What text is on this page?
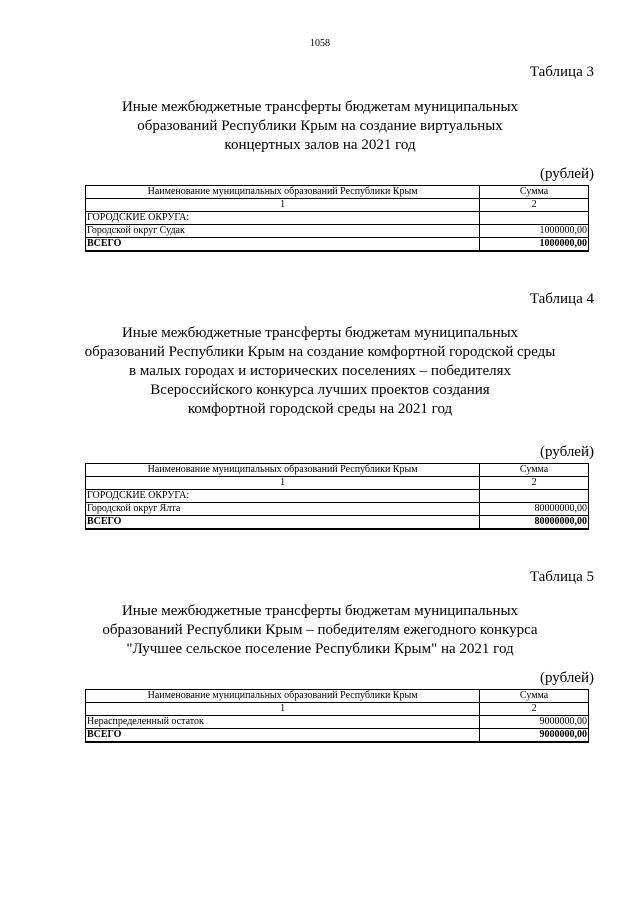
1058
Таблица 3
Иные межбюджетные трансферты бюджетам муниципальных
образований Республики Крым на создание виртуальных
концертных залов на 2021 год
(рублей)
Наименование муниципальных образований Республики Крым	Сумма
1	2
ГОРОДСКИЕ ОКРУГА:	
Городской округ Судак	1000000,00
ВСЕГО	1000000,00
Таблица 4
Иные межбюджетные трансферты бюджетам муниципальных
образований Республики Крым на создание комфортной городской среды
в малых городах и исторических поселениях – победителях
Всероссийского конкурса лучших проектов создания
комфортной городской среды на 2021 год
(рублей)
Наименование муниципальных образований Республики Крым	Сумма
1	2
ГОРОДСКИЕ ОКРУГА:	
Городской округ Ялта	80000000,00
ВСЕГО	80000000,00
Таблица 5
Иные межбюджетные трансферты бюджетам муниципальных
образований Республики Крым – победителям ежегодного конкурса
"Лучшее сельское поселение Республики Крым" на 2021 год
(рублей)
Наименование муниципальных образований Республики Крым	Сумма
1	2
Нераспределенный остаток	9000000,00
ВСЕГО	9000000,00
